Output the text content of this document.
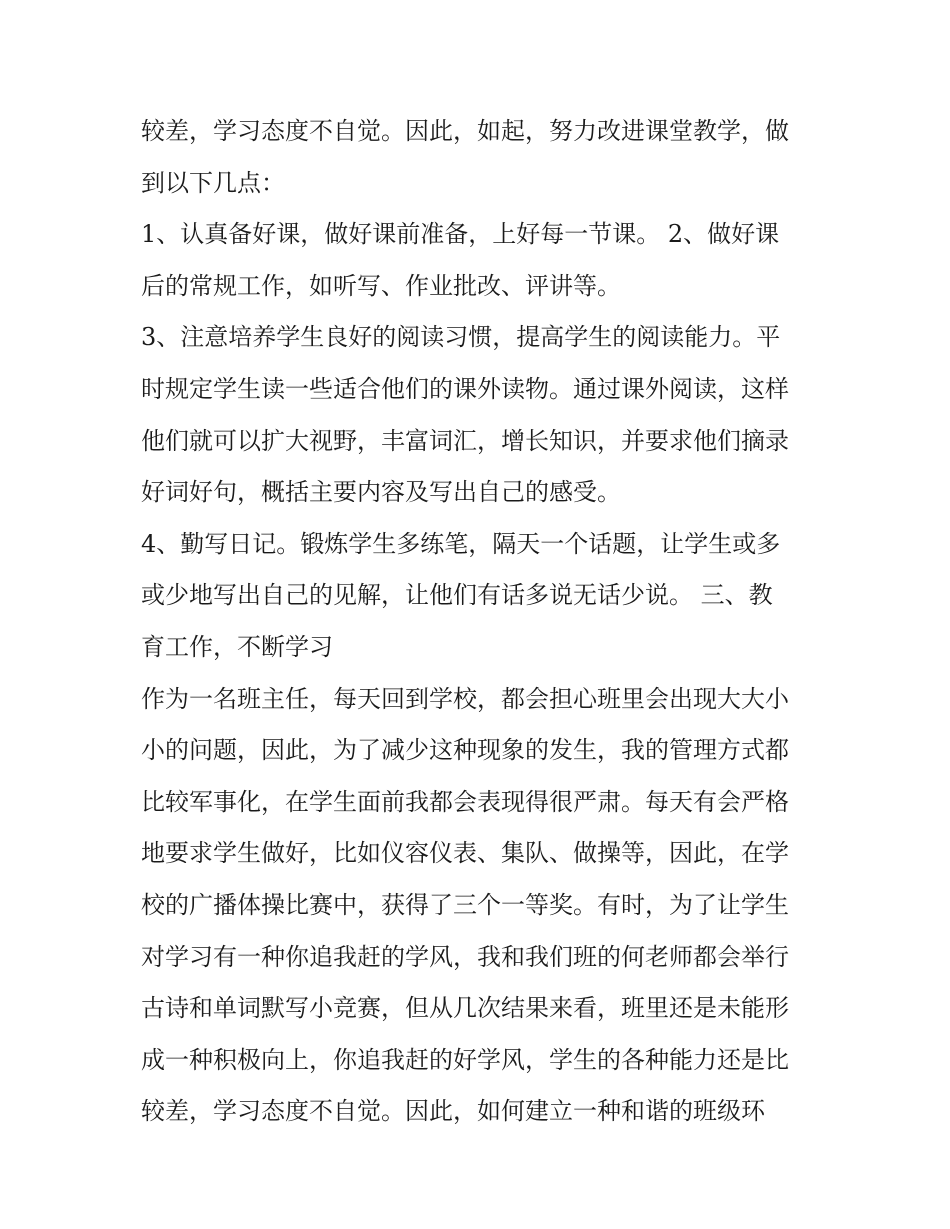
较差，学习态度不自觉。因此，如起，努力改进课堂教学，做
到以下几点：
1、认真备好课，做好课前准备，上好每一节课。 2、做好课
后的常规工作，如听写、作业批改、评讲等。
3、注意培养学生良好的阅读习惯，提高学生的阅读能力。平
时规定学生读一些适合他们的课外读物。通过课外阅读，这样
他们就可以扩大视野，丰富词汇，增长知识，并要求他们摘录
好词好句，概括主要内容及写出自己的感受。
4、勤写日记。锻炼学生多练笔，隔天一个话题，让学生或多
或少地写出自己的见解，让他们有话多说无话少说。 三、教
育工作，不断学习
作为一名班主任，每天回到学校，都会担心班里会出现大大小
小的问题，因此，为了减少这种现象的发生，我的管理方式都
比较军事化，在学生面前我都会表现得很严肃。每天有会严格
地要求学生做好，比如仪容仪表、集队、做操等，因此，在学
校的广播体操比赛中，获得了三个一等奖。有时，为了让学生
对学习有一种你追我赶的学风，我和我们班的何老师都会举行
古诗和单词默写小竞赛，但从几次结果来看，班里还是未能形
成一种积极向上，你追我赶的好学风，学生的各种能力还是比
较差，学习态度不自觉。因此，如何建立一种和谐的班级环
